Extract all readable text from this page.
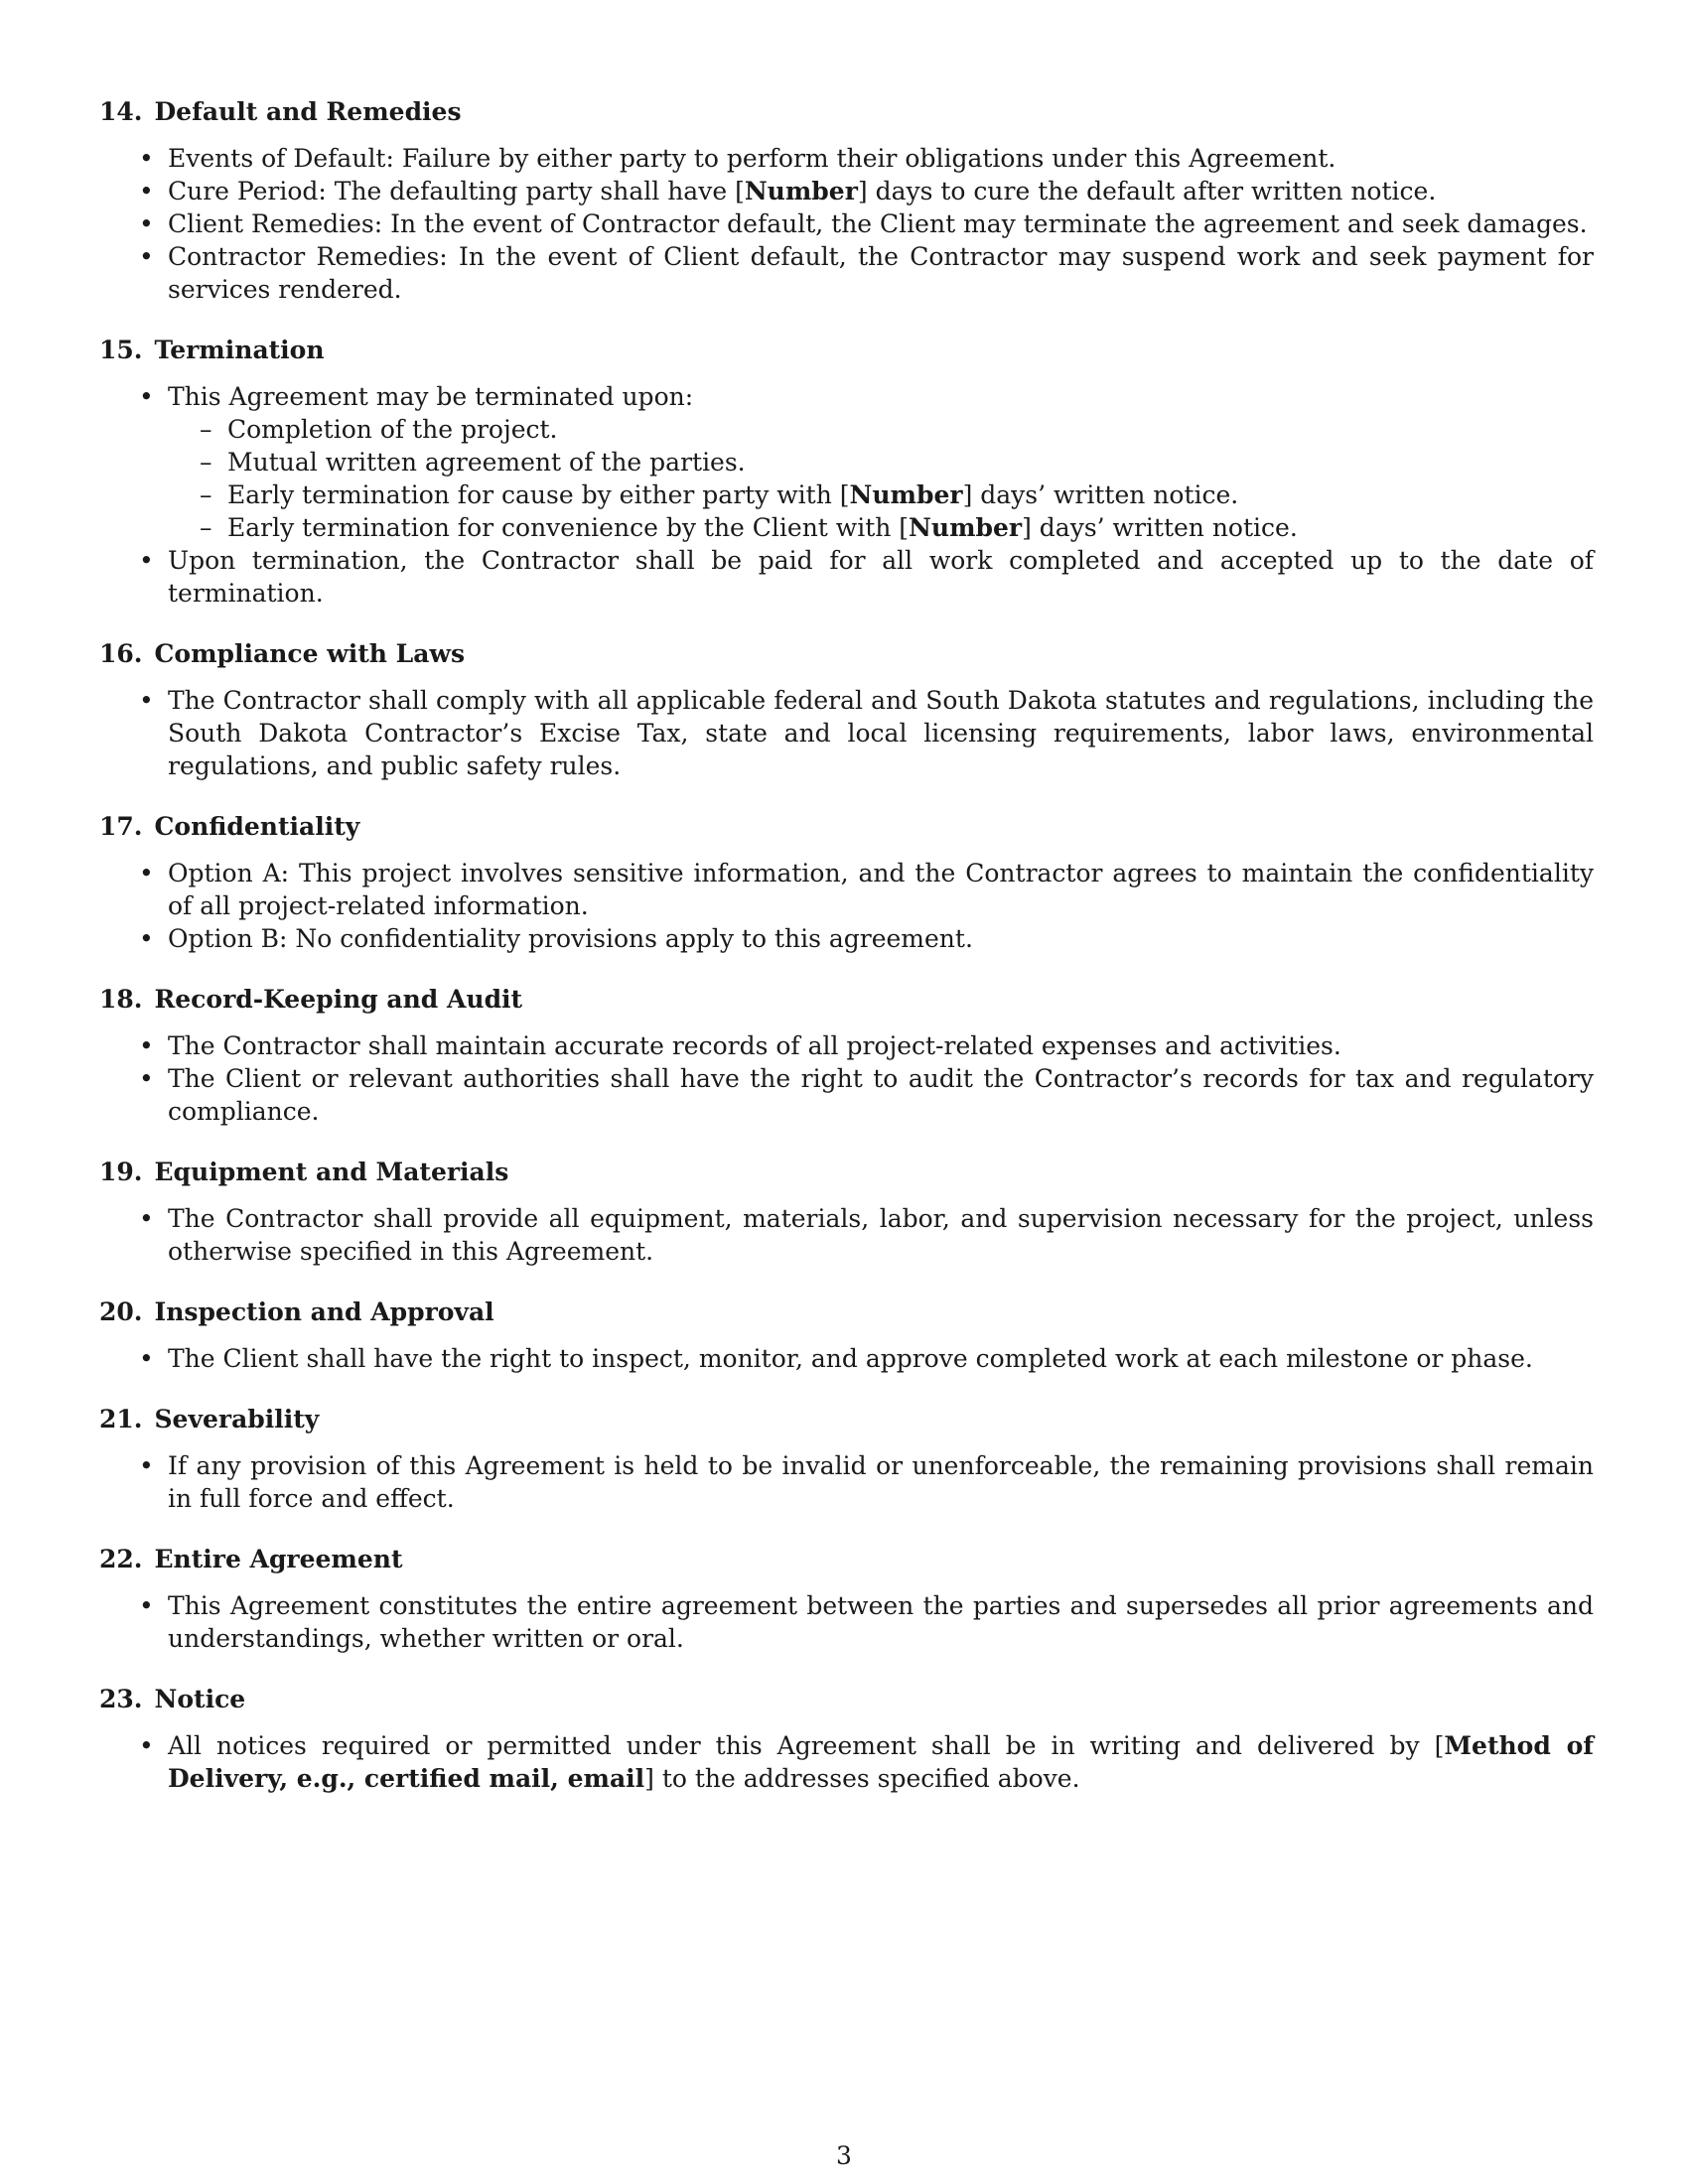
14. Default and Remedies
• Events of Default: Failure by either party to perform their obligations under this Agreement.
• Cure Period: The defaulting party shall have [Number] days to cure the default after written notice.
• Client Remedies: In the event of Contractor default, the Client may terminate the agreement and seek damages.
• Contractor Remedies: In the event of Client default, the Contractor may suspend work and seek payment for services rendered.
15. Termination
• This Agreement may be terminated upon:
– Completion of the project.
– Mutual written agreement of the parties.
– Early termination for cause by either party with [Number] days’ written notice.
– Early termination for convenience by the Client with [Number] days’ written notice.
• Upon termination, the Contractor shall be paid for all work completed and accepted up to the date of termination.
16. Compliance with Laws
• The Contractor shall comply with all applicable federal and South Dakota statutes and regulations, including the South Dakota Contractor’s Excise Tax, state and local licensing requirements, labor laws, environmental regulations, and public safety rules.
17. Confidentiality
• Option A: This project involves sensitive information, and the Contractor agrees to maintain the confidentiality of all project-related information.
• Option B: No confidentiality provisions apply to this agreement.
18. Record-Keeping and Audit
• The Contractor shall maintain accurate records of all project-related expenses and activities.
• The Client or relevant authorities shall have the right to audit the Contractor’s records for tax and regulatory compliance.
19. Equipment and Materials
• The Contractor shall provide all equipment, materials, labor, and supervision necessary for the project, unless otherwise specified in this Agreement.
20. Inspection and Approval
• The Client shall have the right to inspect, monitor, and approve completed work at each milestone or phase.
21. Severability
• If any provision of this Agreement is held to be invalid or unenforceable, the remaining provisions shall remain in full force and effect.
22. Entire Agreement
• This Agreement constitutes the entire agreement between the parties and supersedes all prior agreements and understandings, whether written or oral.
23. Notice
• All notices required or permitted under this Agreement shall be in writing and delivered by [Method of Delivery, e.g., certified mail, email] to the addresses specified above.
3
